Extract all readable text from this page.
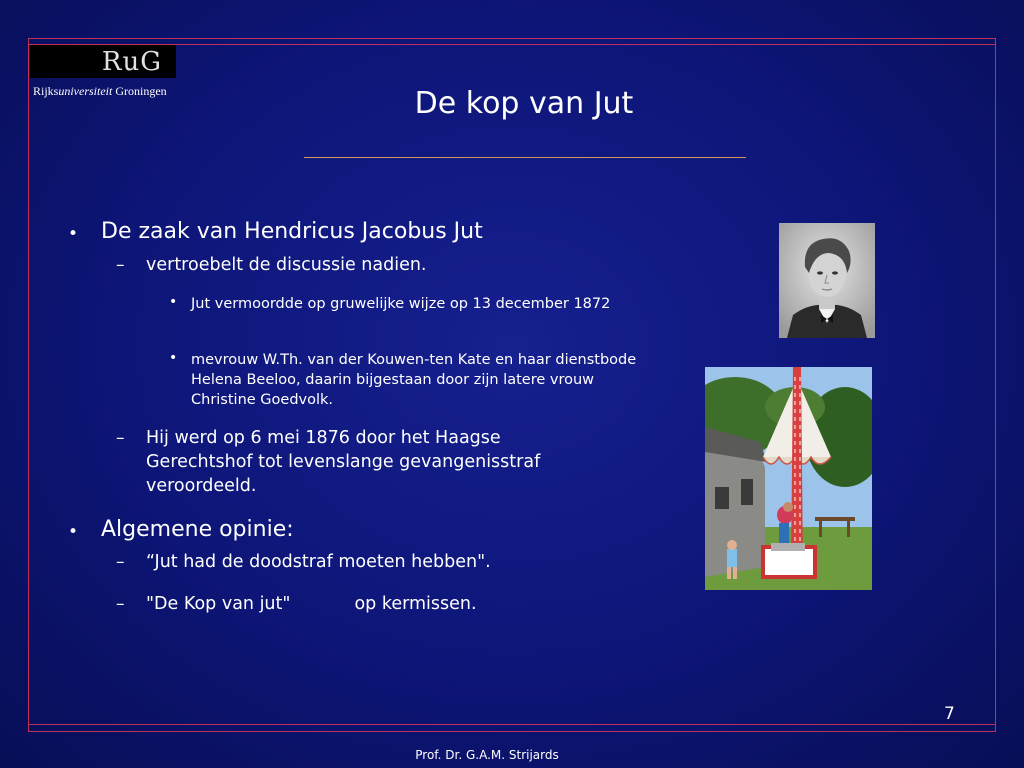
RuG
Rijksuniversiteit Groningen	De kop van Jut
• De zaak van Hendricus Jacobus Jut
– vertroebelt de discussie nadien.
• Jut vermoordde op gruwelijke wijze op 13 december 1872
• mevrouw W.Th. van der Kouwen-ten Kate en haar dienstbode Helena Beeloo, daarin bijgestaan door zijn latere vrouw Christine Goedvolk.
– Hij werd op 6 mei 1876 door het Haagse Gerechtshof tot levenslange gevangenisstraf veroordeeld.
• Algemene opinie:
– “Jut had de doodstraf moeten hebben".
– "De Kop van jut"	op kermissen.
7
Prof. Dr. G.A.M. Strijards
